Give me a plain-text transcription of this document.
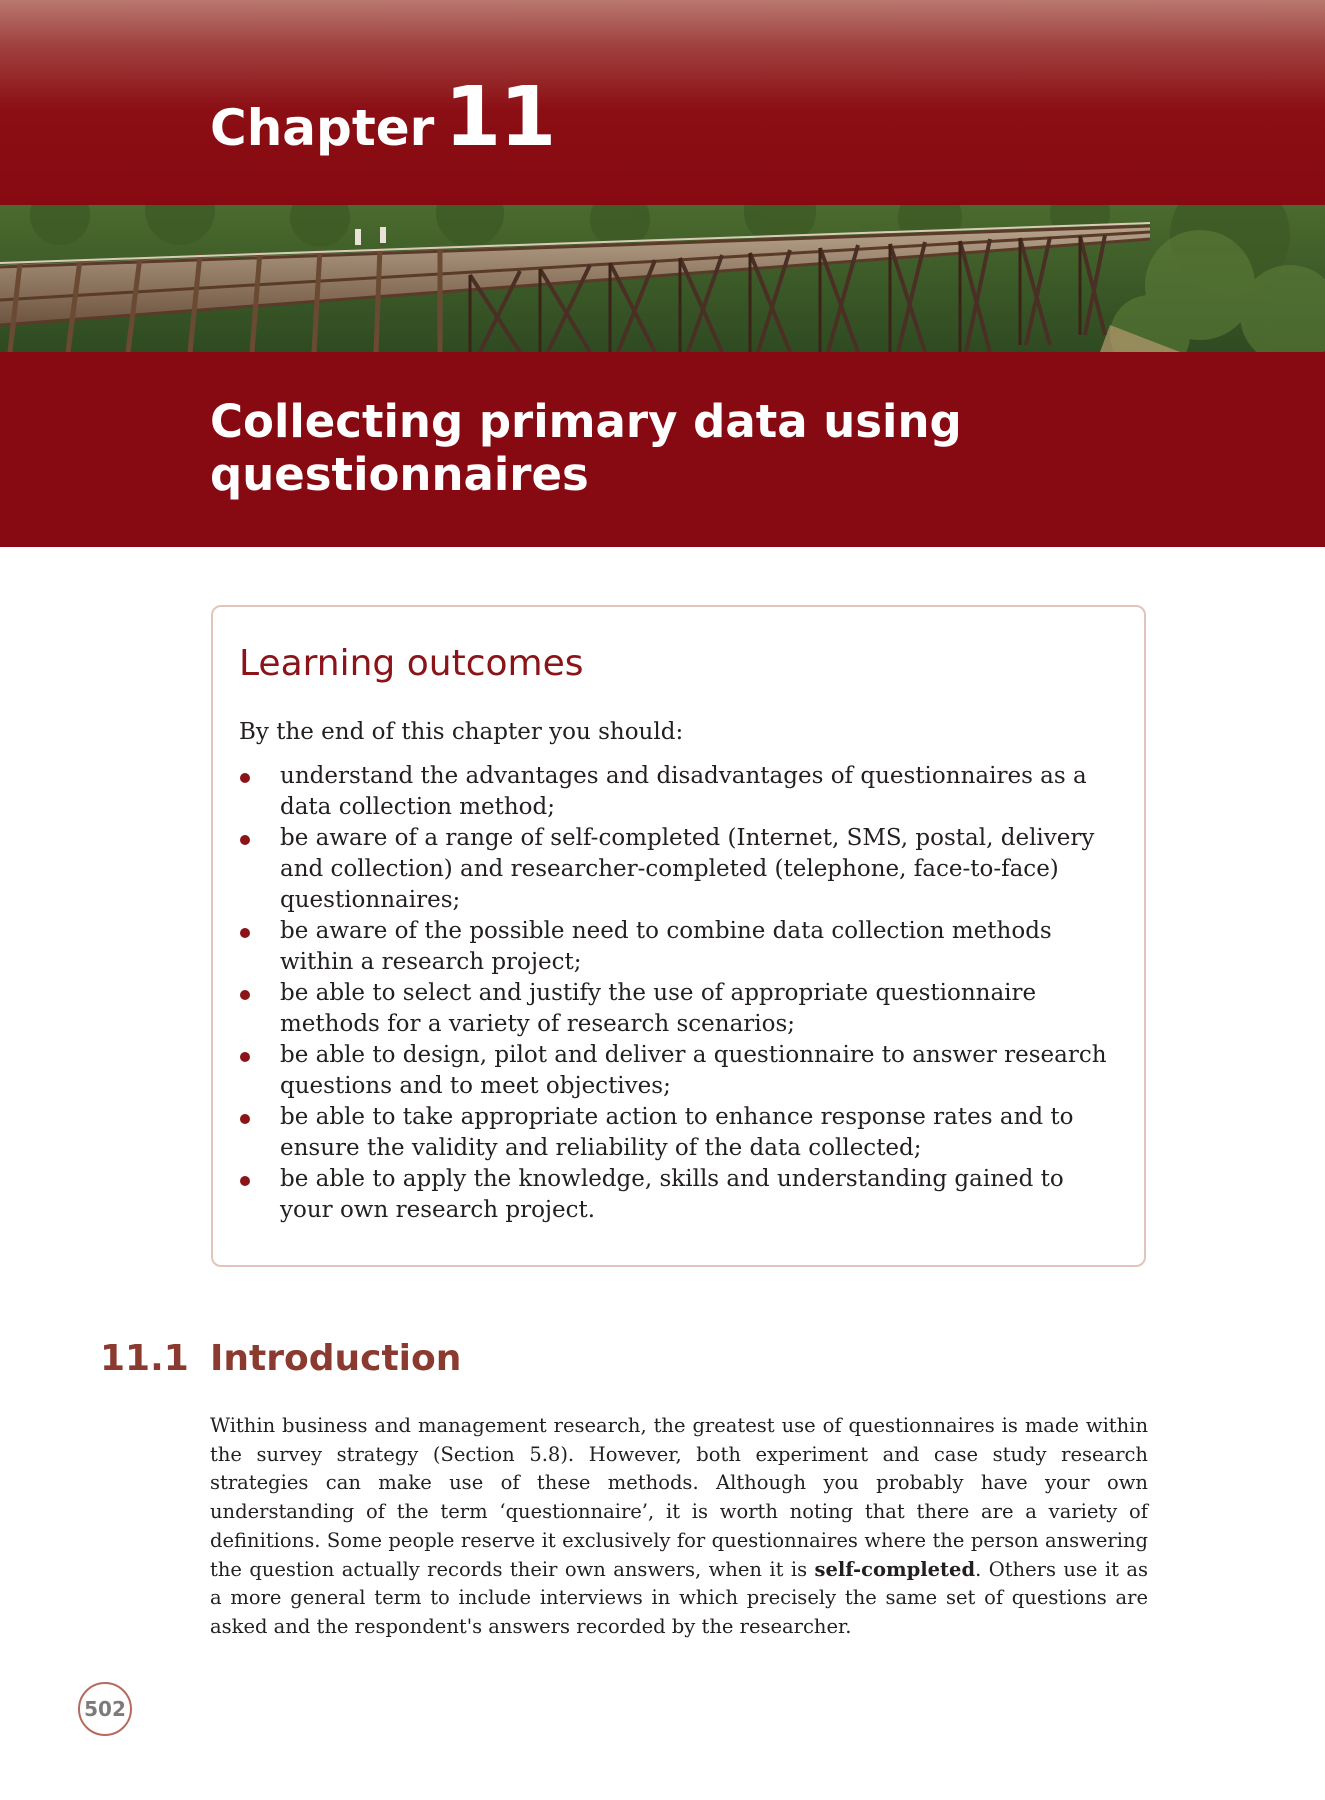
Chapter 11
Collecting primary data using questionnaires
Learning outcomes

By the end of this chapter you should:

understand the advantages and disadvantages of questionnaires as a data collection method;
be aware of a range of self-completed (Internet, SMS, postal, delivery and collection) and researcher-completed (telephone, face-to-face) questionnaires;
be aware of the possible need to combine data collection methods within a research project;
be able to select and justify the use of appropriate questionnaire methods for a variety of research scenarios;
be able to design, pilot and deliver a questionnaire to answer research questions and to meet objectives;
be able to take appropriate action to enhance response rates and to ensure the validity and reliability of the data collected;
be able to apply the knowledge, skills and understanding gained to your own research project.
11.1 Introduction

Within business and management research, the greatest use of questionnaires is made within the survey strategy (Section 5.8). However, both experiment and case study research strategies can make use of these methods. Although you probably have your own understanding of the term ‘questionnaire’, it is worth noting that there are a variety of definitions. Some people reserve it exclusively for questionnaires where the person answering the question actually records their own answers, when it is self-completed. Others use it as a more general term to include interviews in which precisely the same set of questions are asked and the respondent's answers recorded by the researcher.

502
